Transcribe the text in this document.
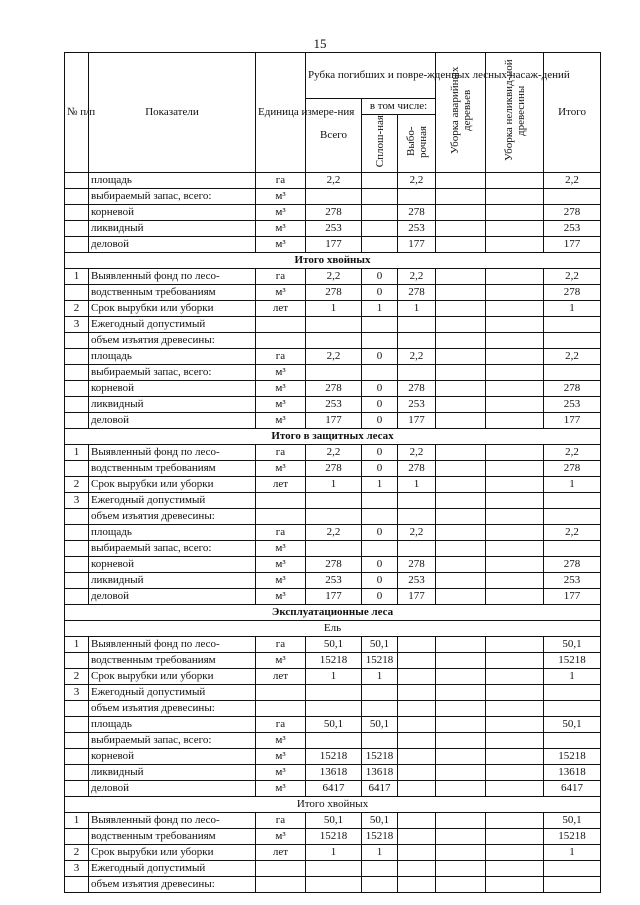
15
№ п/п	Показатели	Единица измере-ния	Рубка погибших и повре-жденных лесных насаж-дений			Уборка аварийных деревьев	Уборка неликвид-ной древесины	Итого
			Всего	в том числе:				
				Сплош-ная	Выбо-рочная			
	площадь	га	2,2		2,2			2,2
	выбираемый запас, всего:	м³						
	корневой	м³	278		278			278
	ликвидный	м³	253		253			253
	деловой	м³	177		177			177
Итого хвойных								
1	Выявленный фонд по лесо-	га	2,2	0	2,2			2,2
	водственным требованиям	м³	278	0	278			278
2	Срок вырубки или уборки	лет	1	1	1			1
3	Ежегодный допустимый							
	объем изъятия древесины:							
	площадь	га	2,2	0	2,2			2,2
	выбираемый запас, всего:	м³						
	корневой	м³	278	0	278			278
	ликвидный	м³	253	0	253			253
	деловой	м³	177	0	177			177
Итого в защитных лесах								
1	Выявленный фонд по лесо-	га	2,2	0	2,2			2,2
	водственным требованиям	м³	278	0	278			278
2	Срок вырубки или уборки	лет	1	1	1			1
3	Ежегодный допустимый							
	объем изъятия древесины:							
	площадь	га	2,2	0	2,2			2,2
	выбираемый запас, всего:	м³						
	корневой	м³	278	0	278			278
	ликвидный	м³	253	0	253			253
	деловой	м³	177	0	177			177
Эксплуатационные леса								
Ель								
1	Выявленный фонд по лесо-	га	50,1	50,1				50,1
	водственным требованиям	м³	15218	15218				15218
2	Срок вырубки или уборки	лет	1	1				1
3	Ежегодный допустимый							
	объем изъятия древесины:							
	площадь	га	50,1	50,1				50,1
	выбираемый запас, всего:	м³						
	корневой	м³	15218	15218				15218
	ликвидный	м³	13618	13618				13618
	деловой	м³	6417	6417				6417
Итого хвойных								
1	Выявленный фонд по лесо-	га	50,1	50,1				50,1
	водственным требованиям	м³	15218	15218				15218
2	Срок вырубки или уборки	лет	1	1				1
3	Ежегодный допустимый							
	объем изъятия древесины:							
